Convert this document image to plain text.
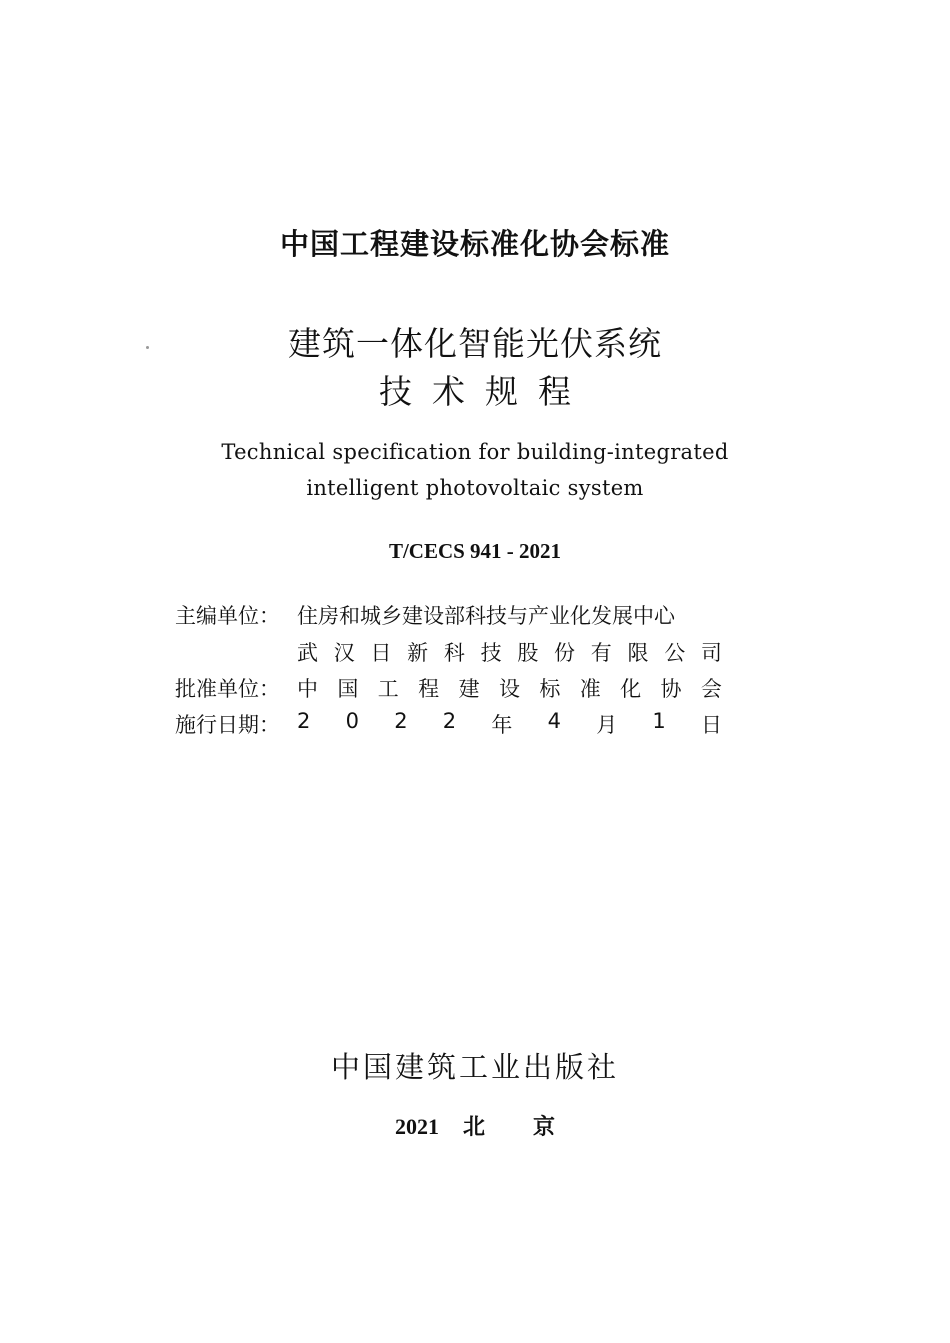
中国工程建设标准化协会标准
建筑一体化智能光伏系统
技术规程
Technical specification for building-integrated
intelligent photovoltaic system
T/CECS 941 - 2021
主编单位： 住房和城乡建设部科技与产业化发展中心
武 汉 日 新 科 技 股 份 有 限 公 司
批准单位： 中 国 工 程 建 设 标 准 化 协 会
施行日期： 2 0 2 2 年 4 月 1 日
中国建筑工业出版社
2021 北 京
